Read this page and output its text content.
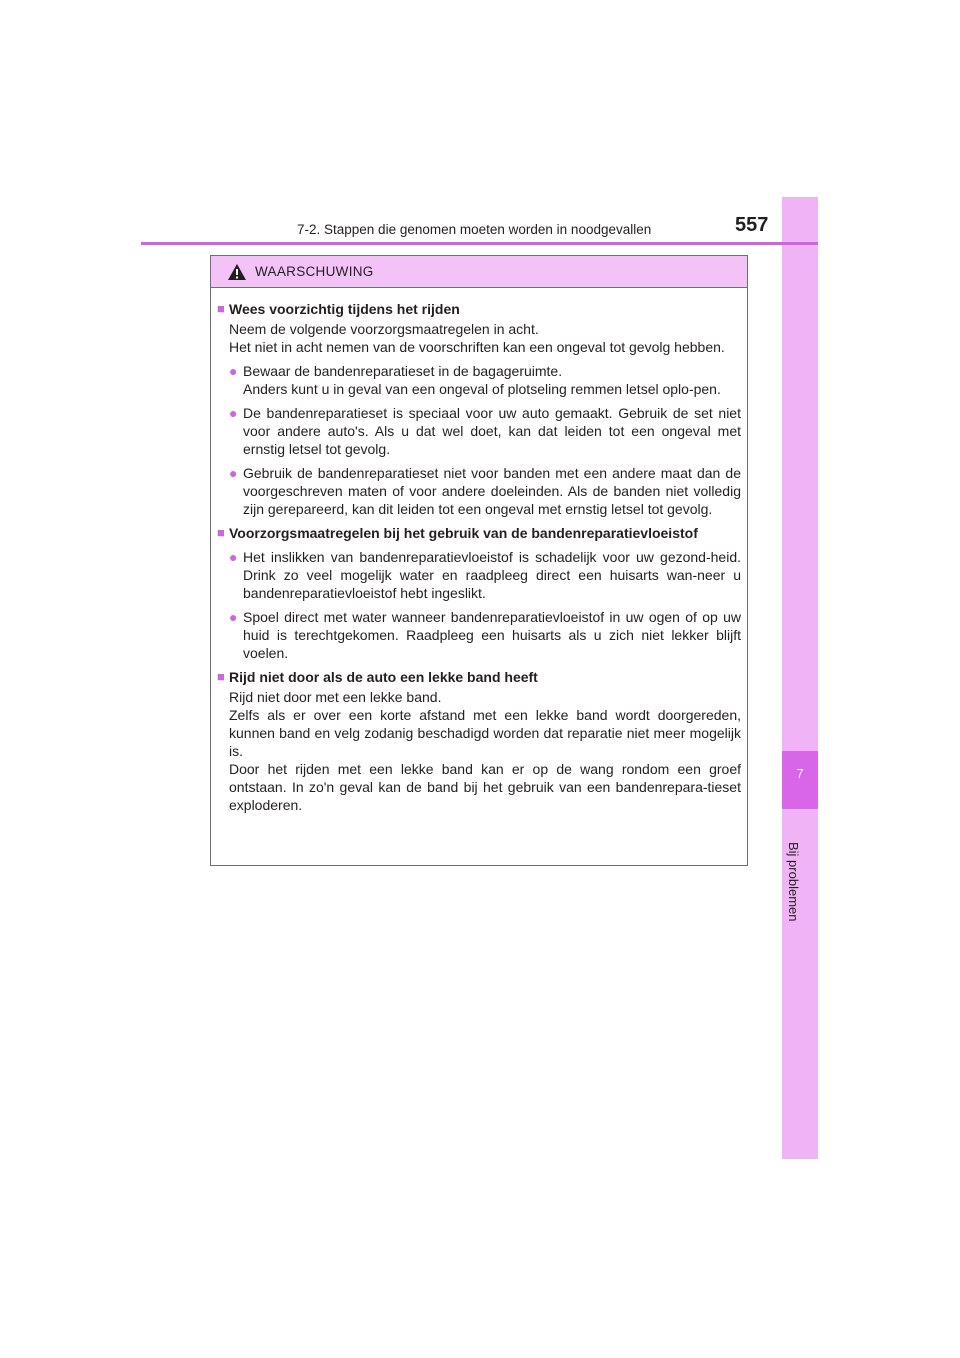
7
Bij problemen
7-2. Stappen die genomen moeten worden in noodgevallen	557
WAARSCHUWING
■ Wees voorzichtig tijdens het rijden
Neem de volgende voorzorgsmaatregelen in acht.
Het niet in acht nemen van de voorschriften kan een ongeval tot gevolg hebben.
● Bewaar de bandenreparatieset in de bagageruimte.
Anders kunt u in geval van een ongeval of plotseling remmen letsel oplo-pen.
● De bandenreparatieset is speciaal voor uw auto gemaakt. Gebruik de set niet voor andere auto's. Als u dat wel doet, kan dat leiden tot een ongeval met ernstig letsel tot gevolg.
● Gebruik de bandenreparatieset niet voor banden met een andere maat dan de voorgeschreven maten of voor andere doeleinden. Als de banden niet volledig zijn gerepareerd, kan dit leiden tot een ongeval met ernstig letsel tot gevolg.
■ Voorzorgsmaatregelen bij het gebruik van de bandenreparatievloeistof
● Het inslikken van bandenreparatievloeistof is schadelijk voor uw gezond-heid. Drink zo veel mogelijk water en raadpleeg direct een huisarts wan-neer u bandenreparatievloeistof hebt ingeslikt.
● Spoel direct met water wanneer bandenreparatievloeistof in uw ogen of op uw huid is terechtgekomen. Raadpleeg een huisarts als u zich niet lekker blijft voelen.
■ Rijd niet door als de auto een lekke band heeft
Rijd niet door met een lekke band.
Zelfs als er over een korte afstand met een lekke band wordt doorgereden, kunnen band en velg zodanig beschadigd worden dat reparatie niet meer mogelijk is.
Door het rijden met een lekke band kan er op de wang rondom een groef ontstaan. In zo'n geval kan de band bij het gebruik van een bandenrepara-tieset exploderen.
